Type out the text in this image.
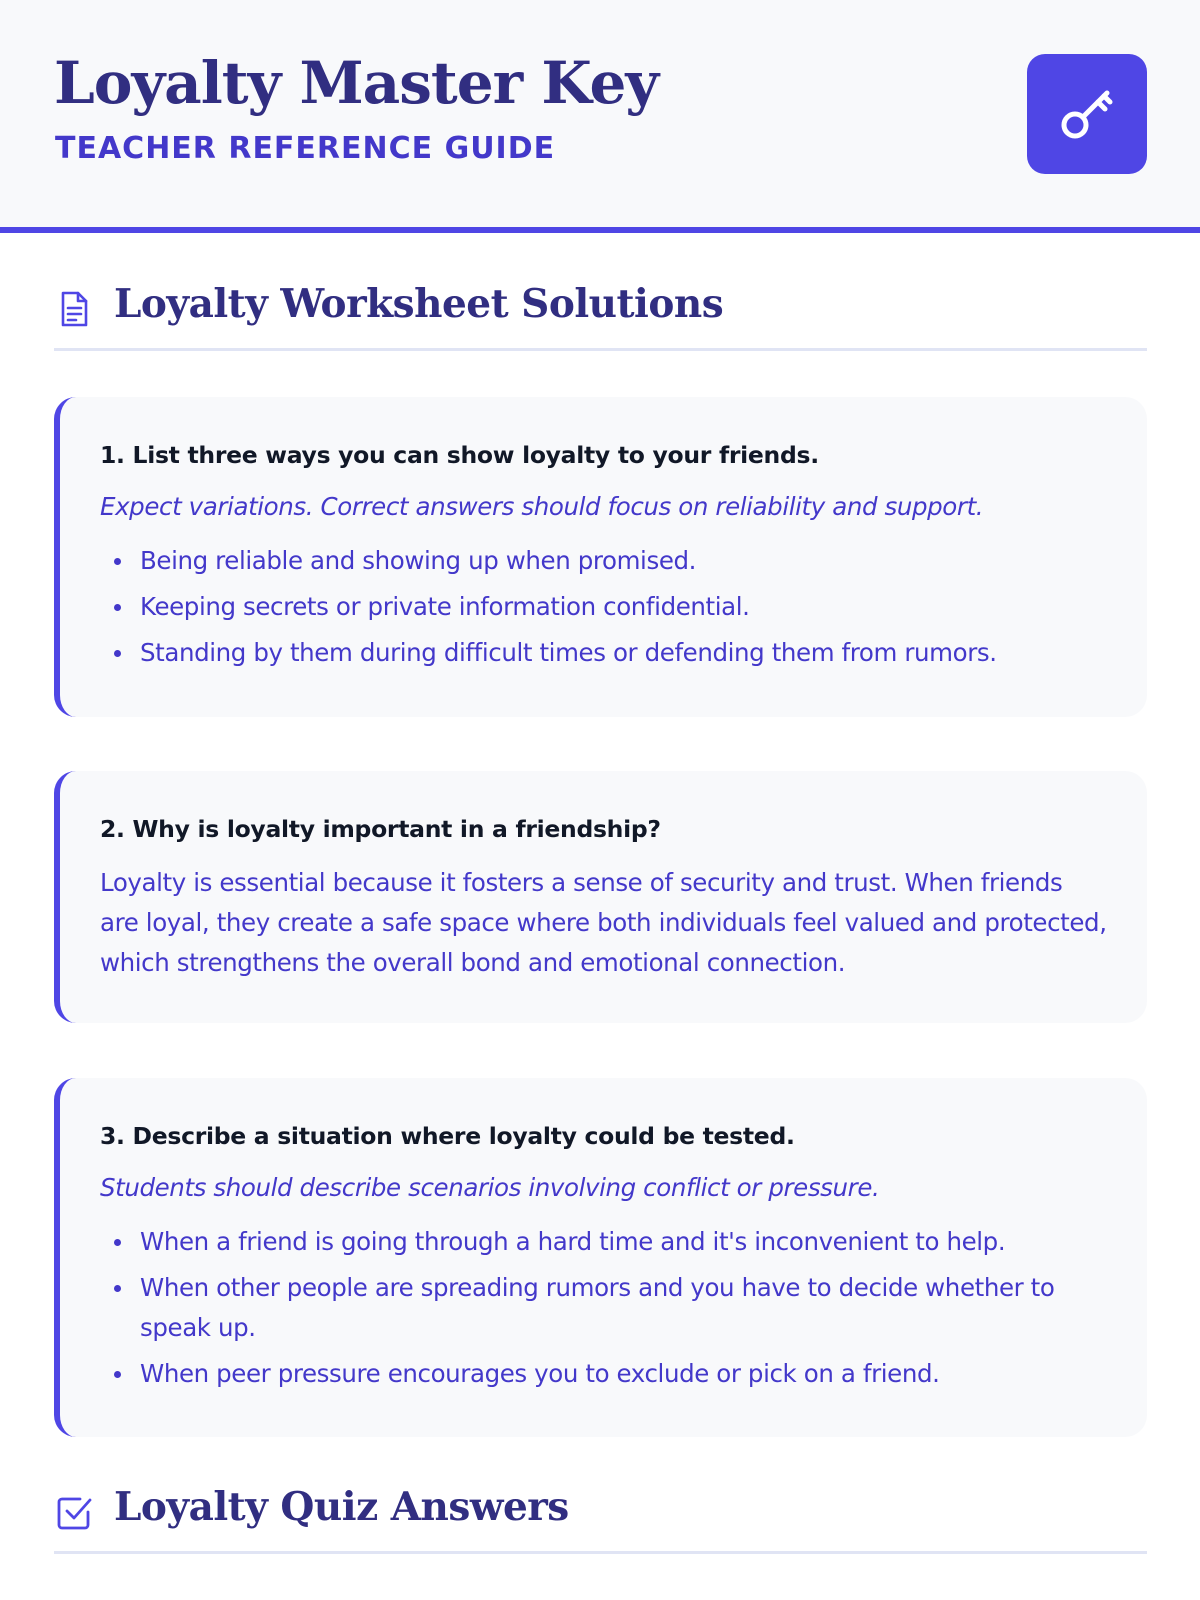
Loyalty Master Key
TEACHER REFERENCE GUIDE
Loyalty Worksheet Solutions
1. List three ways you can show loyalty to your friends.
Expect variations. Correct answers should focus on reliability and support.
Being reliable and showing up when promised.
Keeping secrets or private information confidential.
Standing by them during difficult times or defending them from rumors.
2. Why is loyalty important in a friendship?
Loyalty is essential because it fosters a sense of security and trust. When friends are loyal, they create a safe space where both individuals feel valued and protected, which strengthens the overall bond and emotional connection.
3. Describe a situation where loyalty could be tested.
Students should describe scenarios involving conflict or pressure.
When a friend is going through a hard time and it's inconvenient to help.
When other people are spreading rumors and you have to decide whether to speak up.
When peer pressure encourages you to exclude or pick on a friend.
Loyalty Quiz Answers
